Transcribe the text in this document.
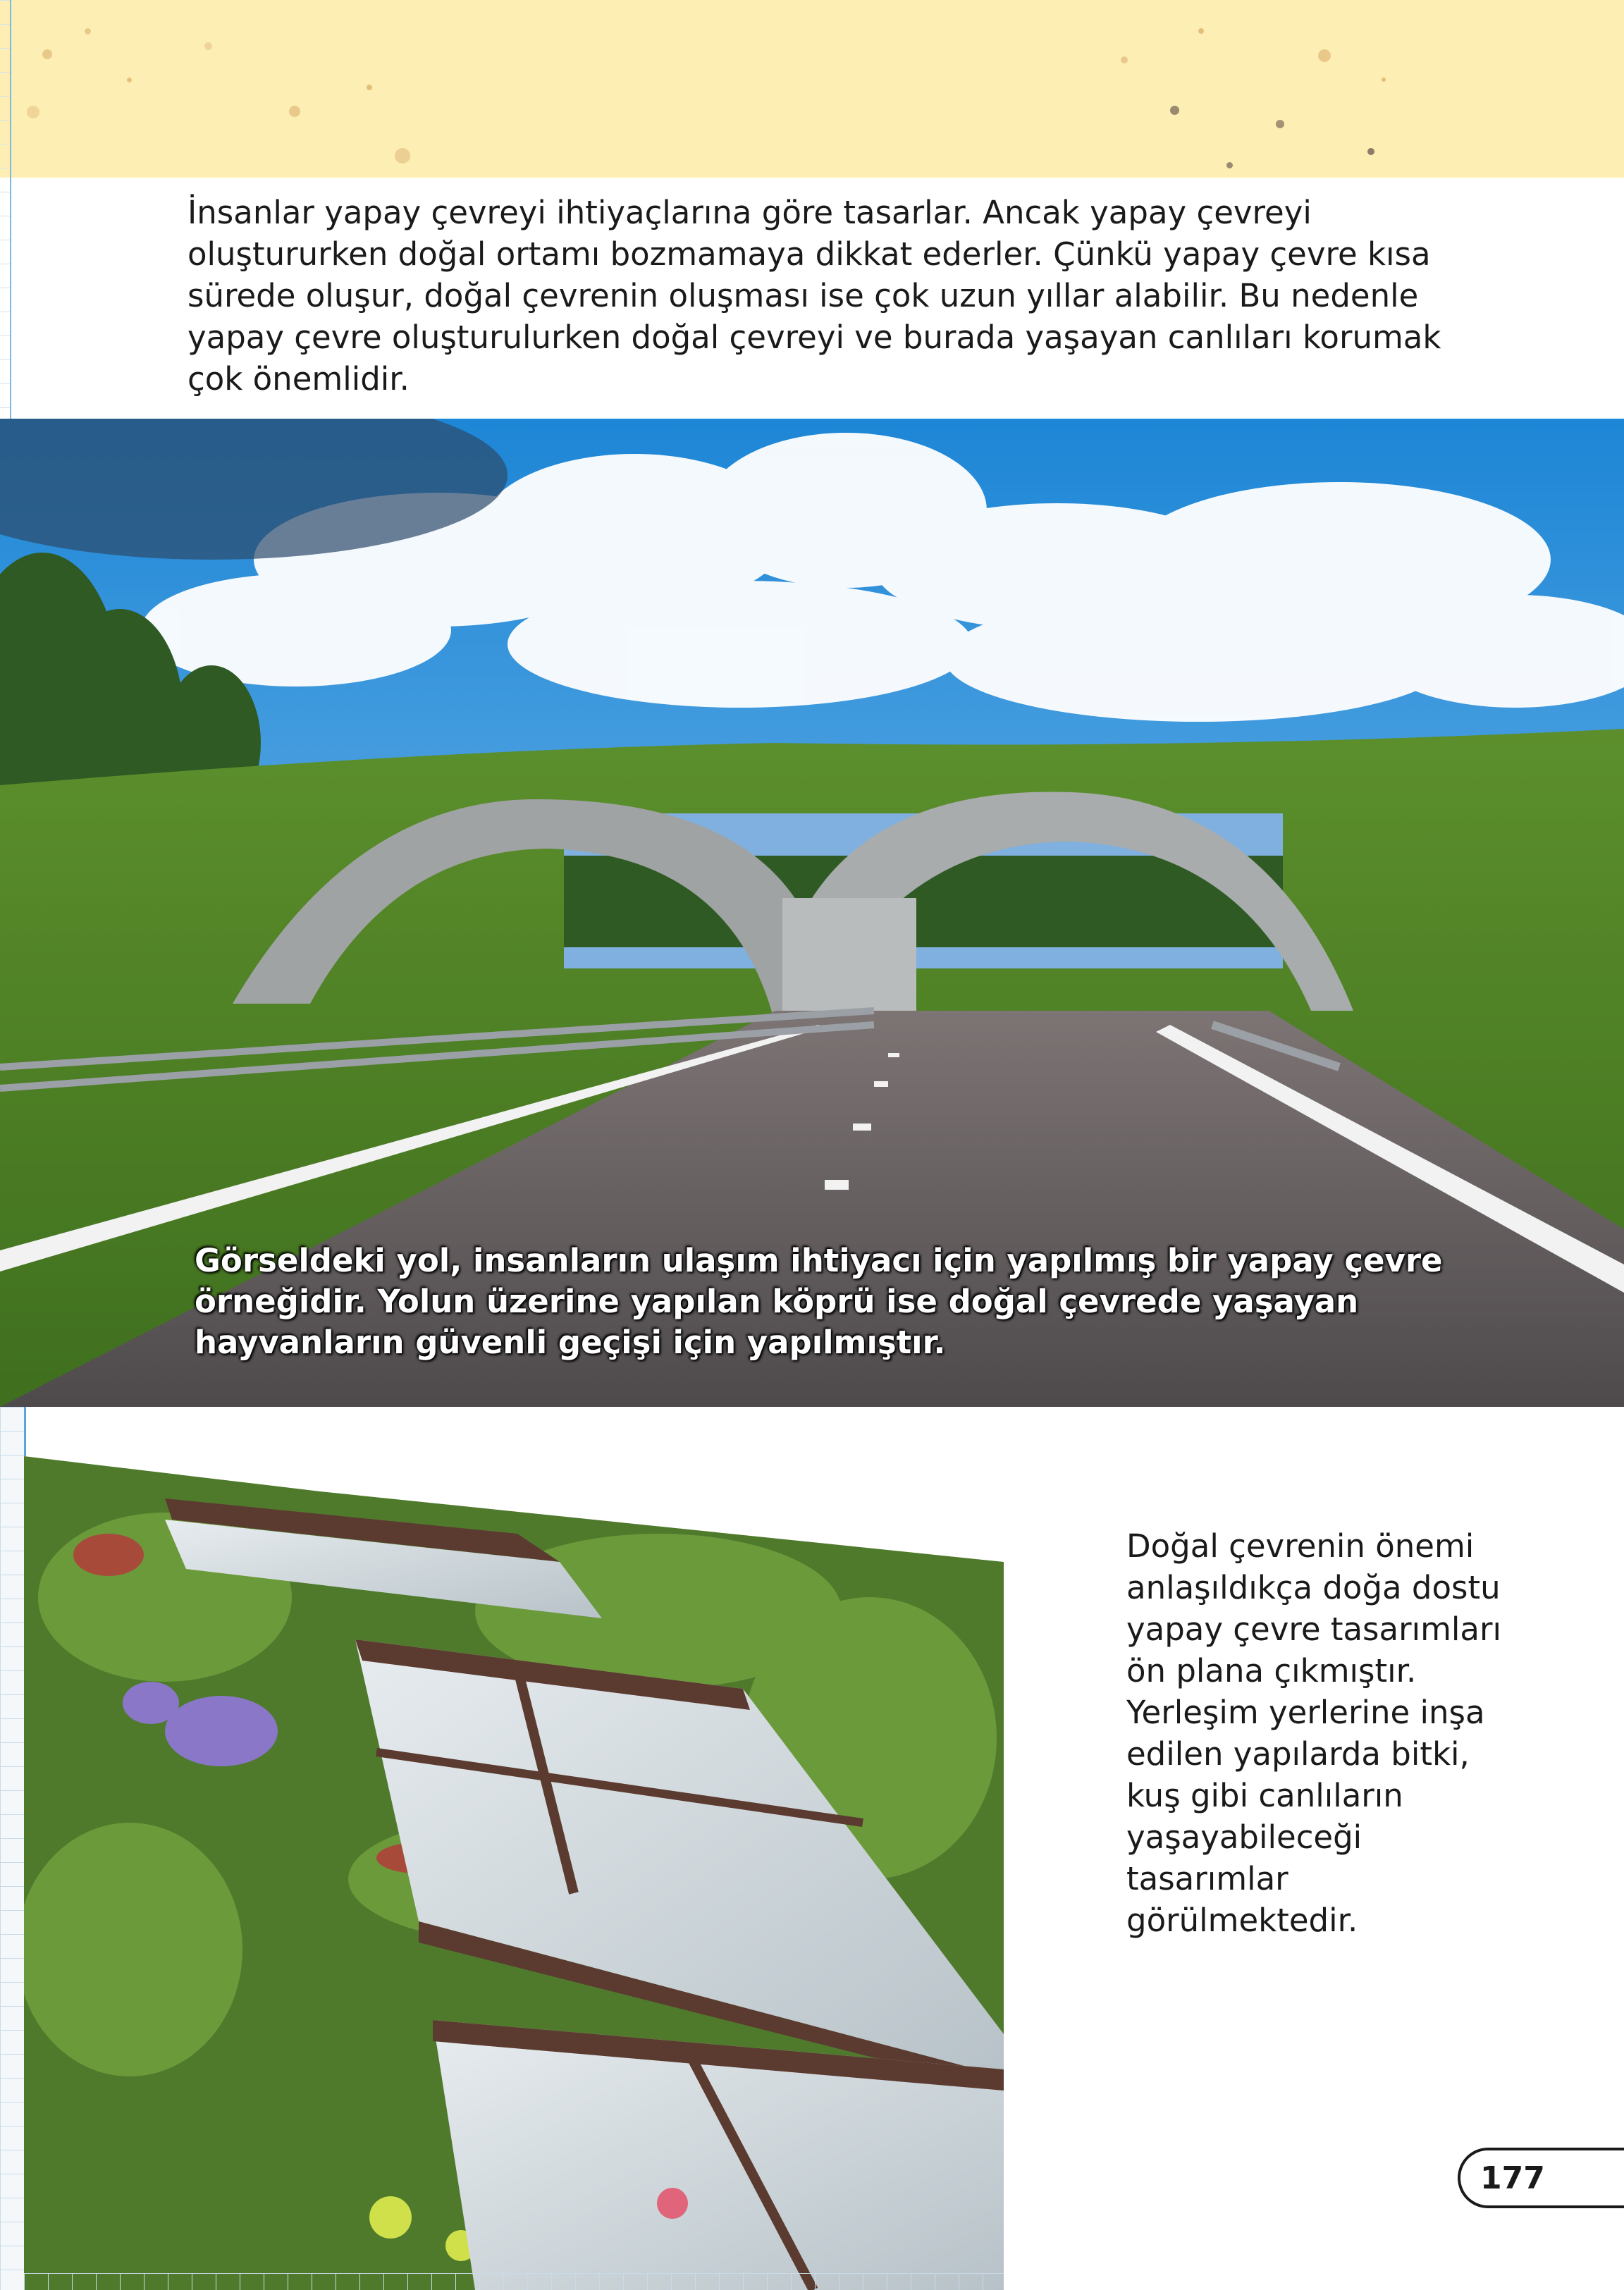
İnsanlar yapay çevreyi ihtiyaçlarına göre tasarlar. Ancak yapay çevreyi oluştururken doğal ortamı bozmamaya dikkat ederler. Çünkü yapay çevre kısa sürede oluşur, doğal çevrenin oluşması ise çok uzun yıllar alabilir. Bu nedenle yapay çevre oluşturulurken doğal çevreyi ve burada yaşayan canlıları korumak çok önemlidir.

Görseldeki yol, insanların ulaşım ihtiyacı için yapılmış bir yapay çevre örneğidir. Yolun üzerine yapılan köprü ise doğal çevrede yaşayan hayvanların güvenli geçişi için yapılmıştır.

Doğal çevrenin önemi anlaşıldıkça doğa dostu yapay çevre tasarımları ön plana çıkmıştır. Yerleşim yerlerine inşa edilen yapılarda bitki, kuş gibi canlıların yaşayabileceği tasarımlar görülmektedir.

177
